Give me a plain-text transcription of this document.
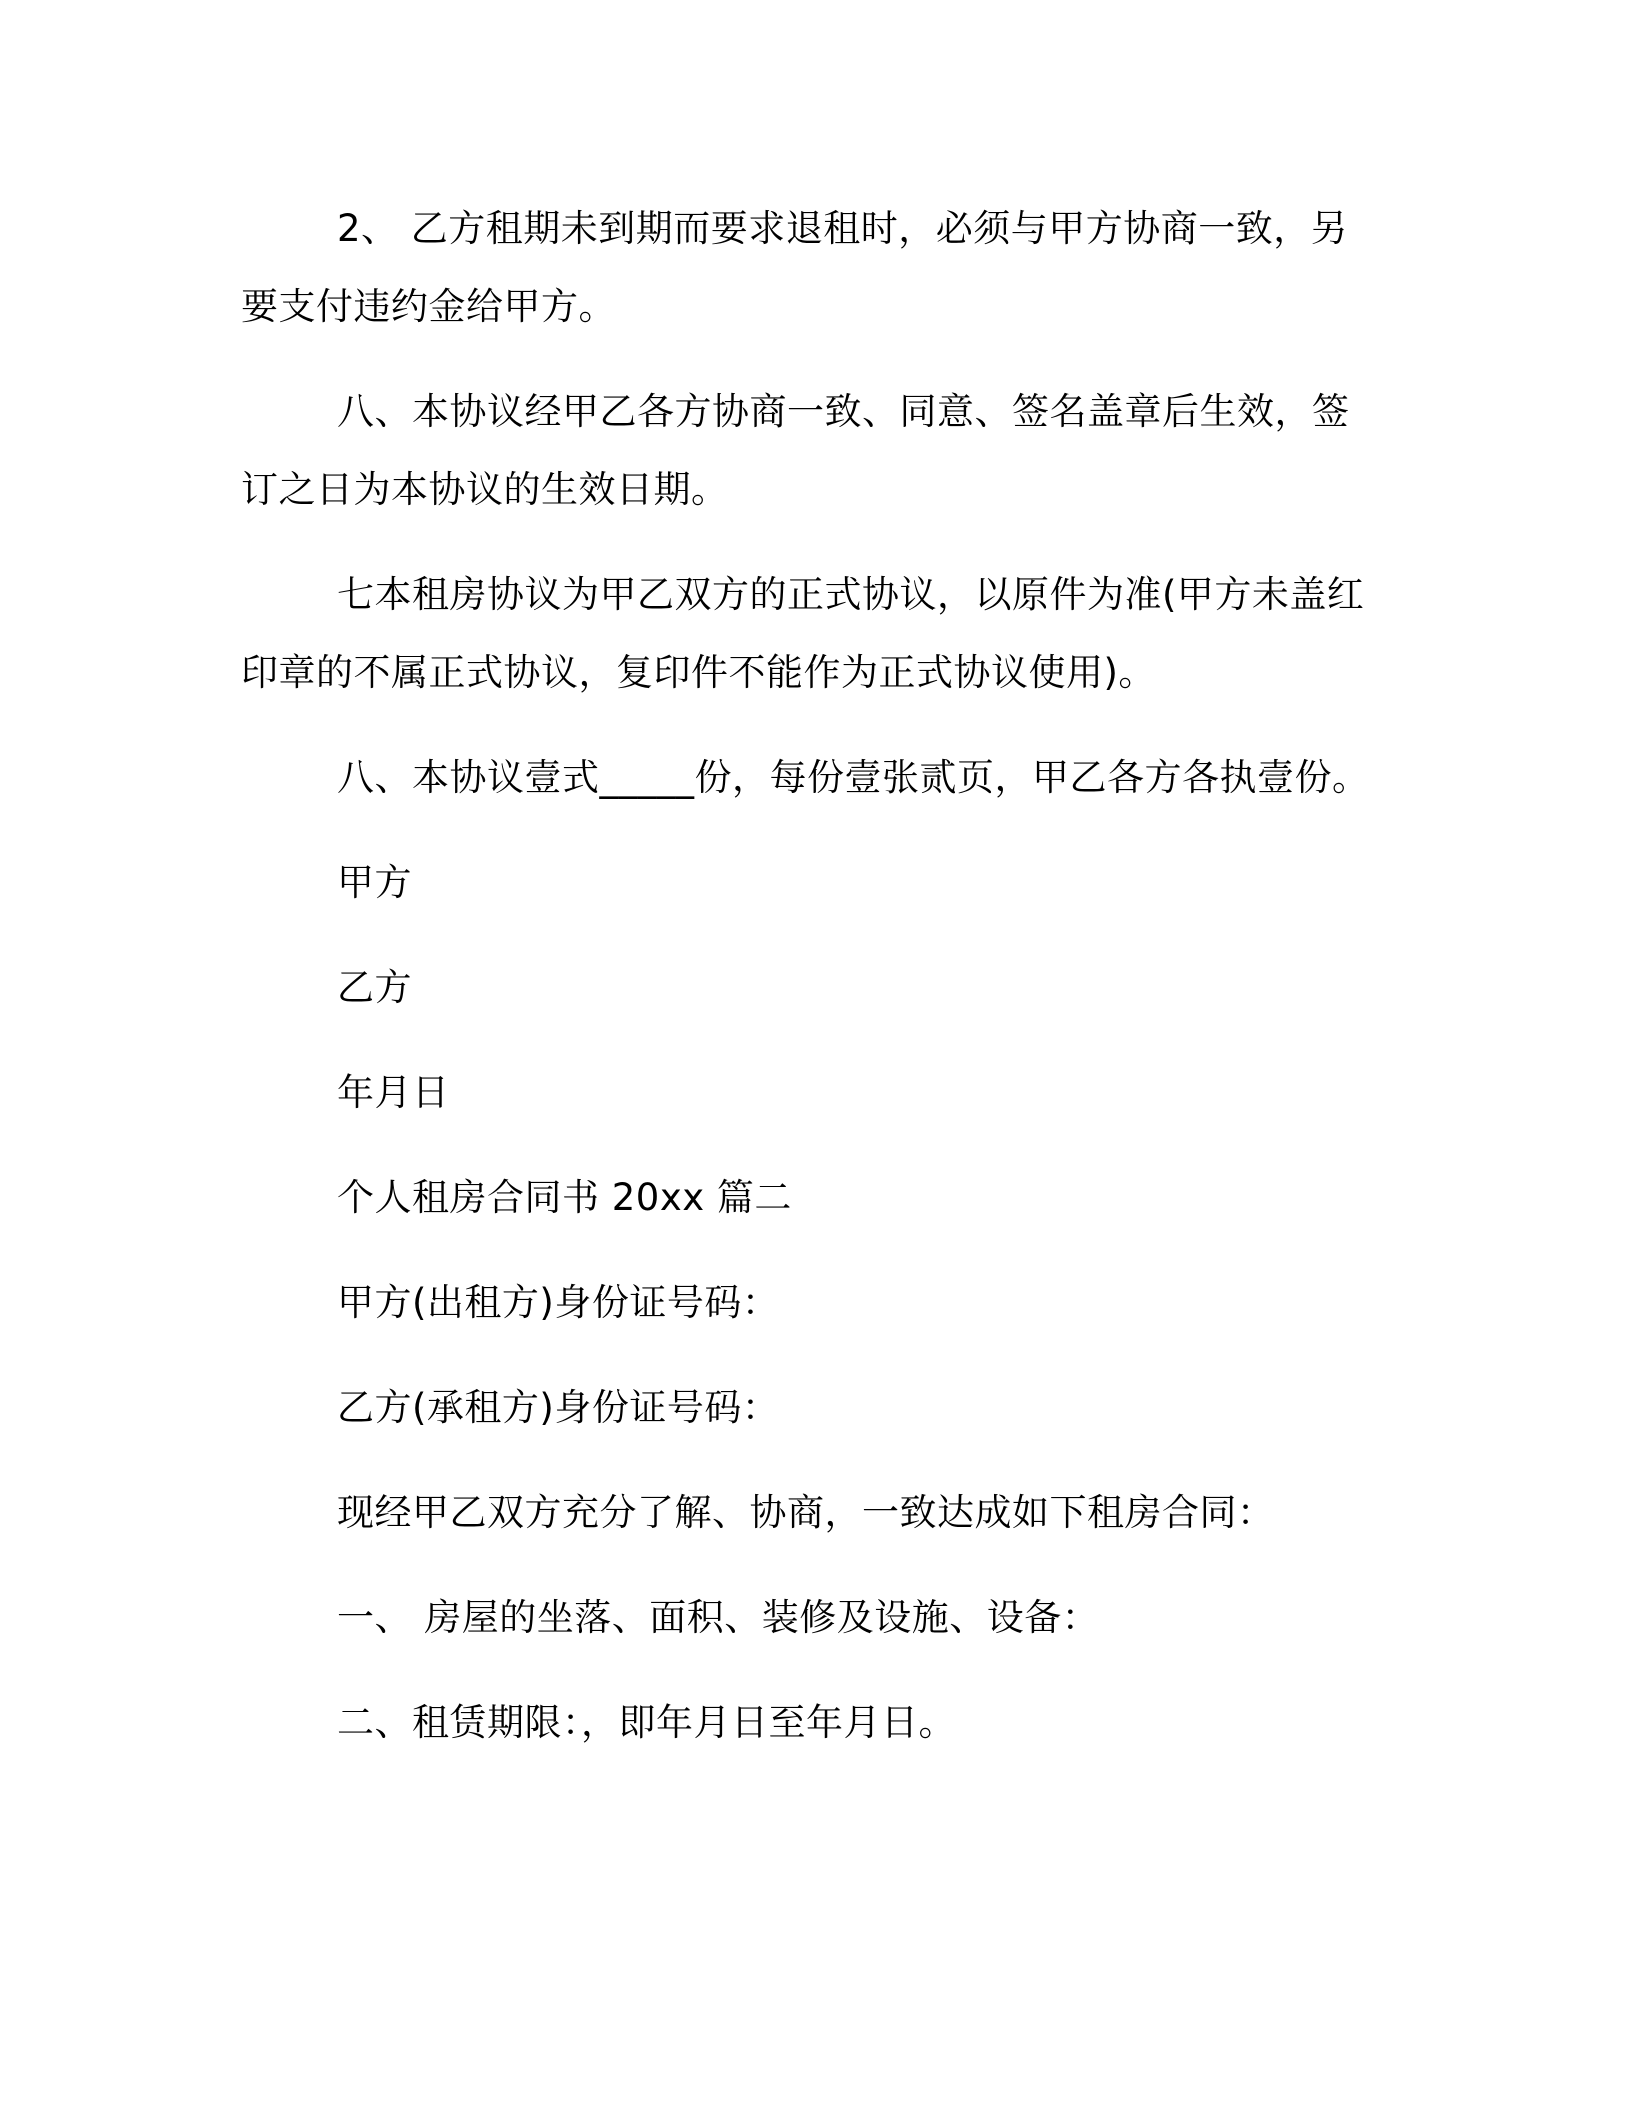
2、 乙方租期未到期而要求退租时，必须与甲方协商一致，另要支付违约金给甲方。

八、本协议经甲乙各方协商一致、同意、签名盖章后生效，签订之日为本协议的生效日期。

七本租房协议为甲乙双方的正式协议，以原件为准(甲方未盖红印章的不属正式协议，复印件不能作为正式协议使用)。

八、本协议壹式_____份，每份壹张贰页，甲乙各方各执壹份。

甲方

乙方

年月日

个人租房合同书 20xx 篇二

甲方(出租方)身份证号码：

乙方(承租方)身份证号码：

现经甲乙双方充分了解、协商，一致达成如下租房合同：

一、 房屋的坐落、面积、装修及设施、设备：

二、租赁期限：，即年月日至年月日。
